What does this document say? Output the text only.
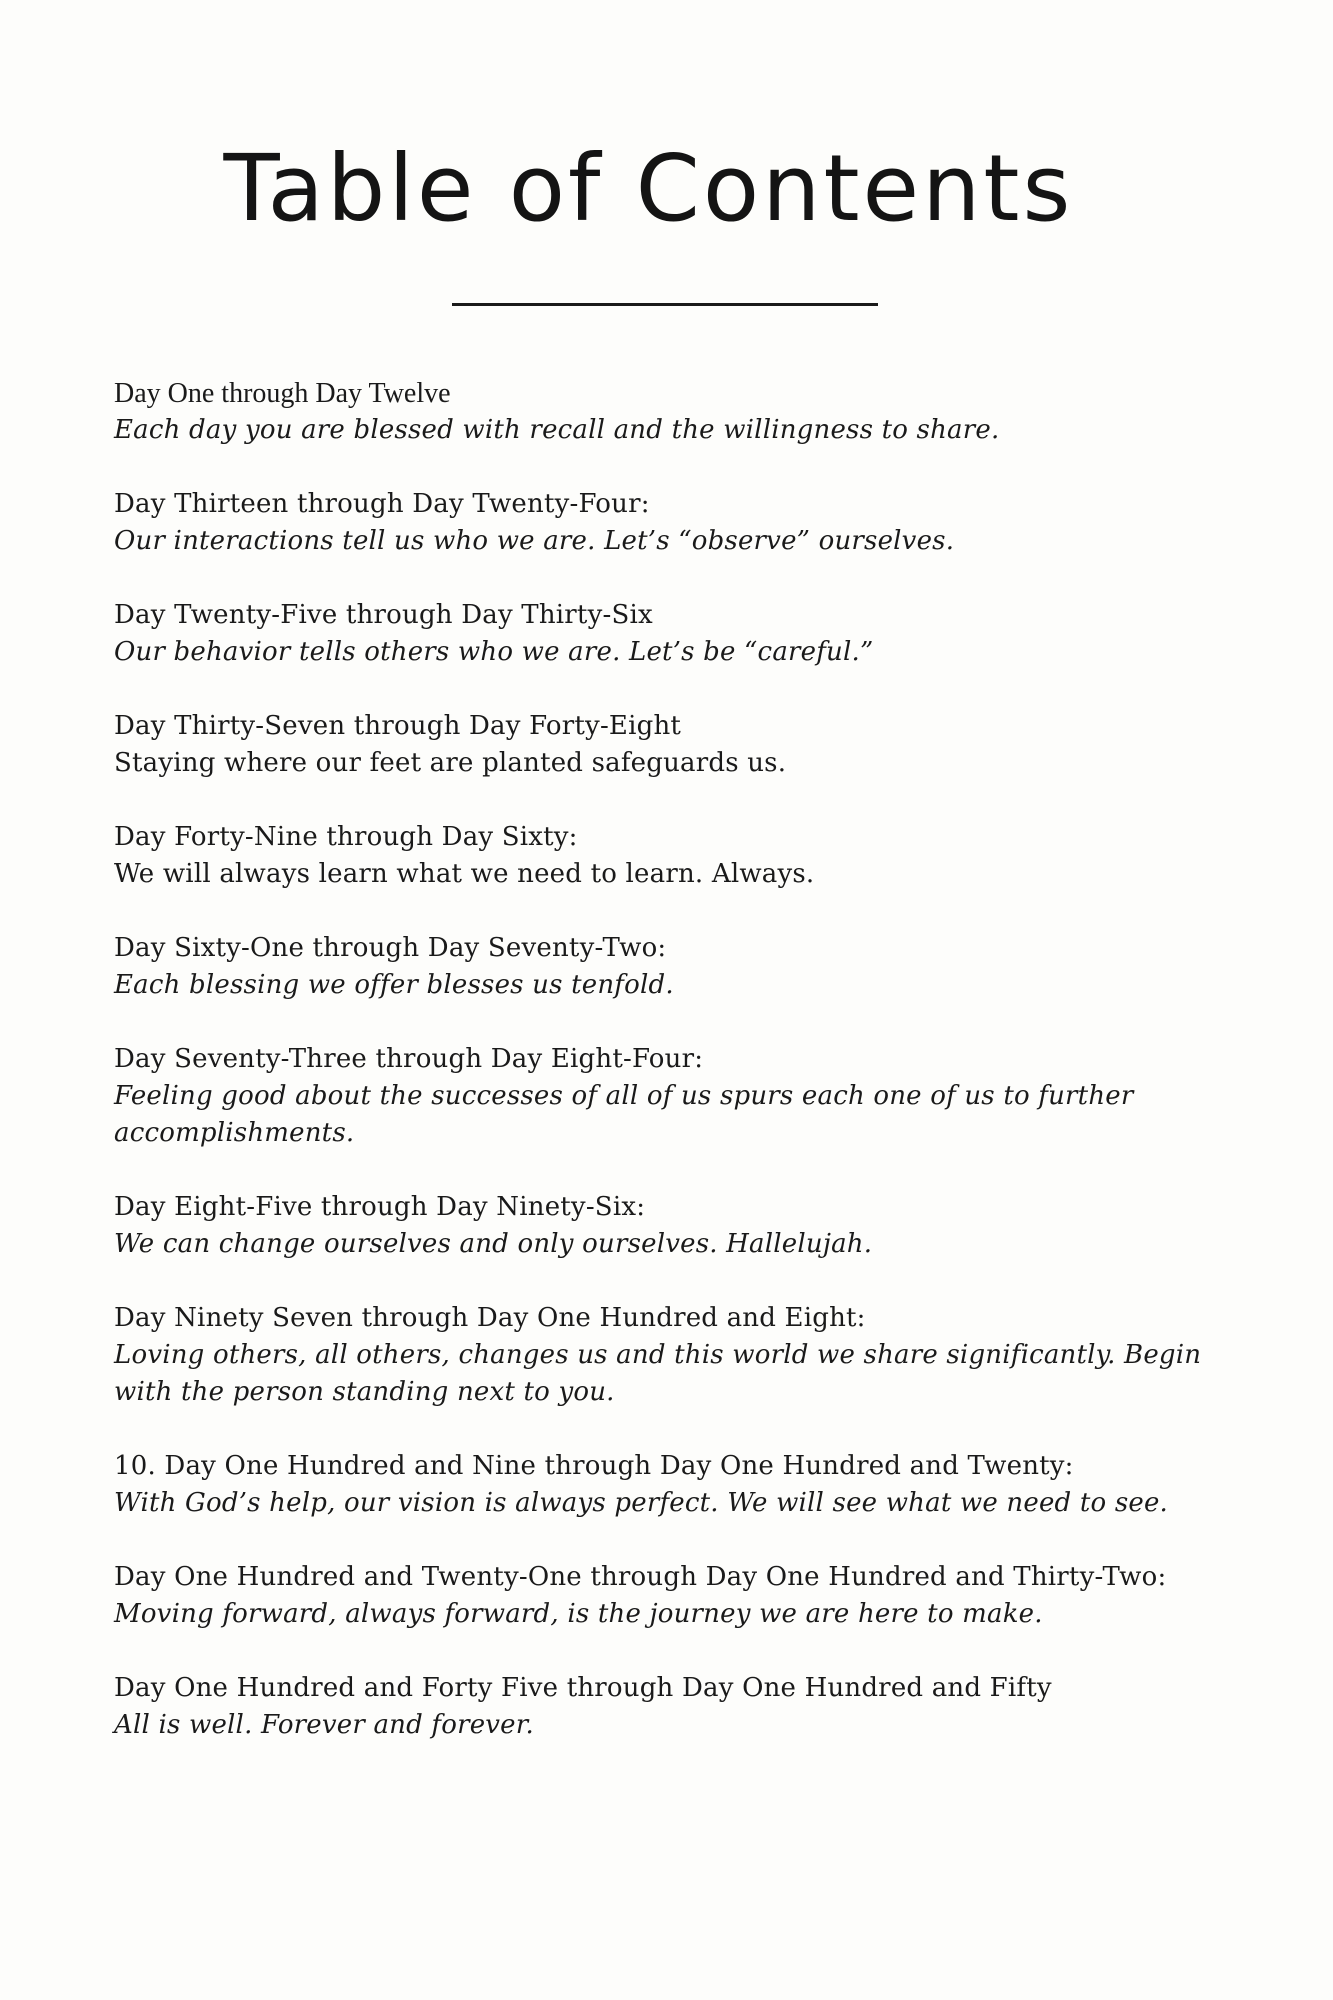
Table of Contents
Day One through Day Twelve
Each day you are blessed with recall and the willingness to share.
Day Thirteen through Day Twenty-Four:
Our interactions tell us who we are. Let’s “observe” ourselves.
Day Twenty-Five through Day Thirty-Six
Our behavior tells others who we are. Let’s be “careful.”
Day Thirty-Seven through Day Forty-Eight
Staying where our feet are planted safeguards us.
Day Forty-Nine through Day Sixty:
We will always learn what we need to learn. Always.
Day Sixty-One through Day Seventy-Two:
Each blessing we offer blesses us tenfold.
Day Seventy-Three through Day Eight-Four:
Feeling good about the successes of all of us spurs each one of us to further accomplishments.
Day Eight-Five through Day Ninety-Six:
We can change ourselves and only ourselves. Hallelujah.
Day Ninety Seven through Day One Hundred and Eight:
Loving others, all others, changes us and this world we share significantly. Begin with the person standing next to you.
10. Day One Hundred and Nine through Day One Hundred and Twenty:
With God’s help, our vision is always perfect. We will see what we need to see.
Day One Hundred and Twenty-One through Day One Hundred and Thirty-Two:
Moving forward, always forward, is the journey we are here to make.
Day One Hundred and Forty Five through Day One Hundred and Fifty
All is well. Forever and forever.
